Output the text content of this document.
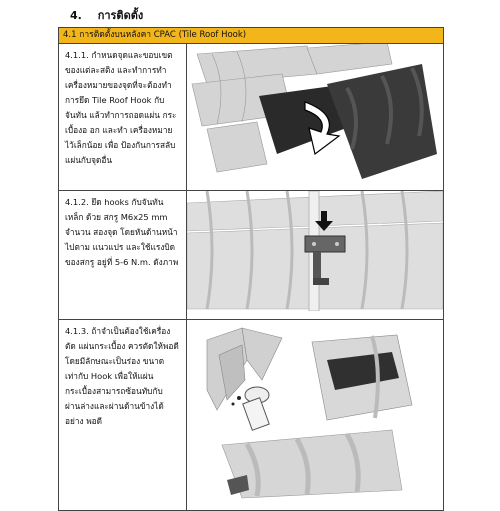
4. การติดตั้ง
4.1 การติดตั้งบนหลังคา CPAC (Tile Roof Hook)	
4.1.1. กำหนดจุดและขอบเขต ของแต่ละสติง และทำการทำ เครื่องหมายของจุดที่จะต้องทำ การยึด Tile Roof Hook กับ จันทัน แล้วทำการถอดแผ่น กระเบื้องอ อก และทำ เครื่องหมายไว้เล็กน้อย เพื่อ ป้องกันการสลับแผ่นกับจุดอื่น	

4.1.2. ยึด hooks กับจันทันเหล็ก ด้วย สกรู M6x25 mm จำนวน สองจุด โดยหันด้านหน้าไปตาม แนวแปร และใช้แรงบิดของสกรู อยู่ที่ 5-6 N.m. ดังภาพ	

4.1.3. ถ้าจำเป็นต้องใช้เครื่องตัด แผ่นกระเบื้อง ควรตัดให้พอดี โดยมีลักษณะเป็นร่อง ขนาด เท่ากับ Hook เพื่อให้แผ่น กระเบื้องสามารถซ้อนทับกับ ผ่านล่างและผ่านด้านข้างได้อย่าง พอดี	
